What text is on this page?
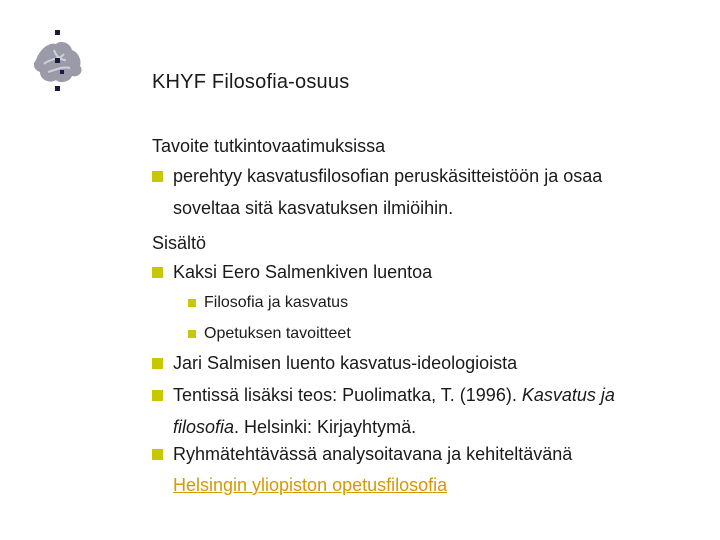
KHYF Filosofia-osuus
Tavoite tutkintovaatimuksissa
perehtyy kasvatusfilosofian peruskäsitteistöön ja osaa
soveltaa sitä kasvatuksen ilmiöihin.
Sisältö
Kaksi Eero Salmenkiven luentoa
Filosofia ja kasvatus
Opetuksen tavoitteet
Jari Salmisen luento kasvatus-ideologioista
Tentissä lisäksi teos: Puolimatka, T. (1996). Kasvatus ja
filosofia. Helsinki: Kirjayhtymä.
Ryhmätehtävässä analysoitavana ja kehiteltävänä
Helsingin yliopiston opetusfilosofia
